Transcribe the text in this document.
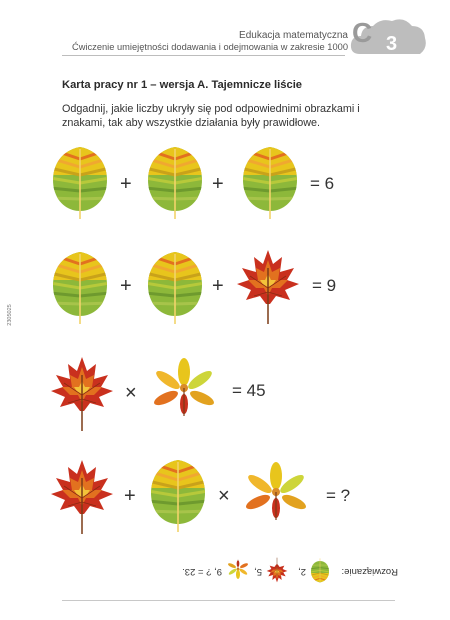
Edukacja matematyczna
Ćwiczenie umiejętności dodawania i odejmowania w zakresie 1000 C 3
Karta pracy nr 1 – wersja A. Tajemnicze liście
Odgadnij, jakie liczby ukryły się pod odpowiednimi obrazkami i znakami, tak aby wszystkie działania były prawidłowe.
2305025
+	+	= 6
+	+	= 9
×	= 45
+	×	= ?
Rozwiązanie:
2,
5,
9, ? = 23.
